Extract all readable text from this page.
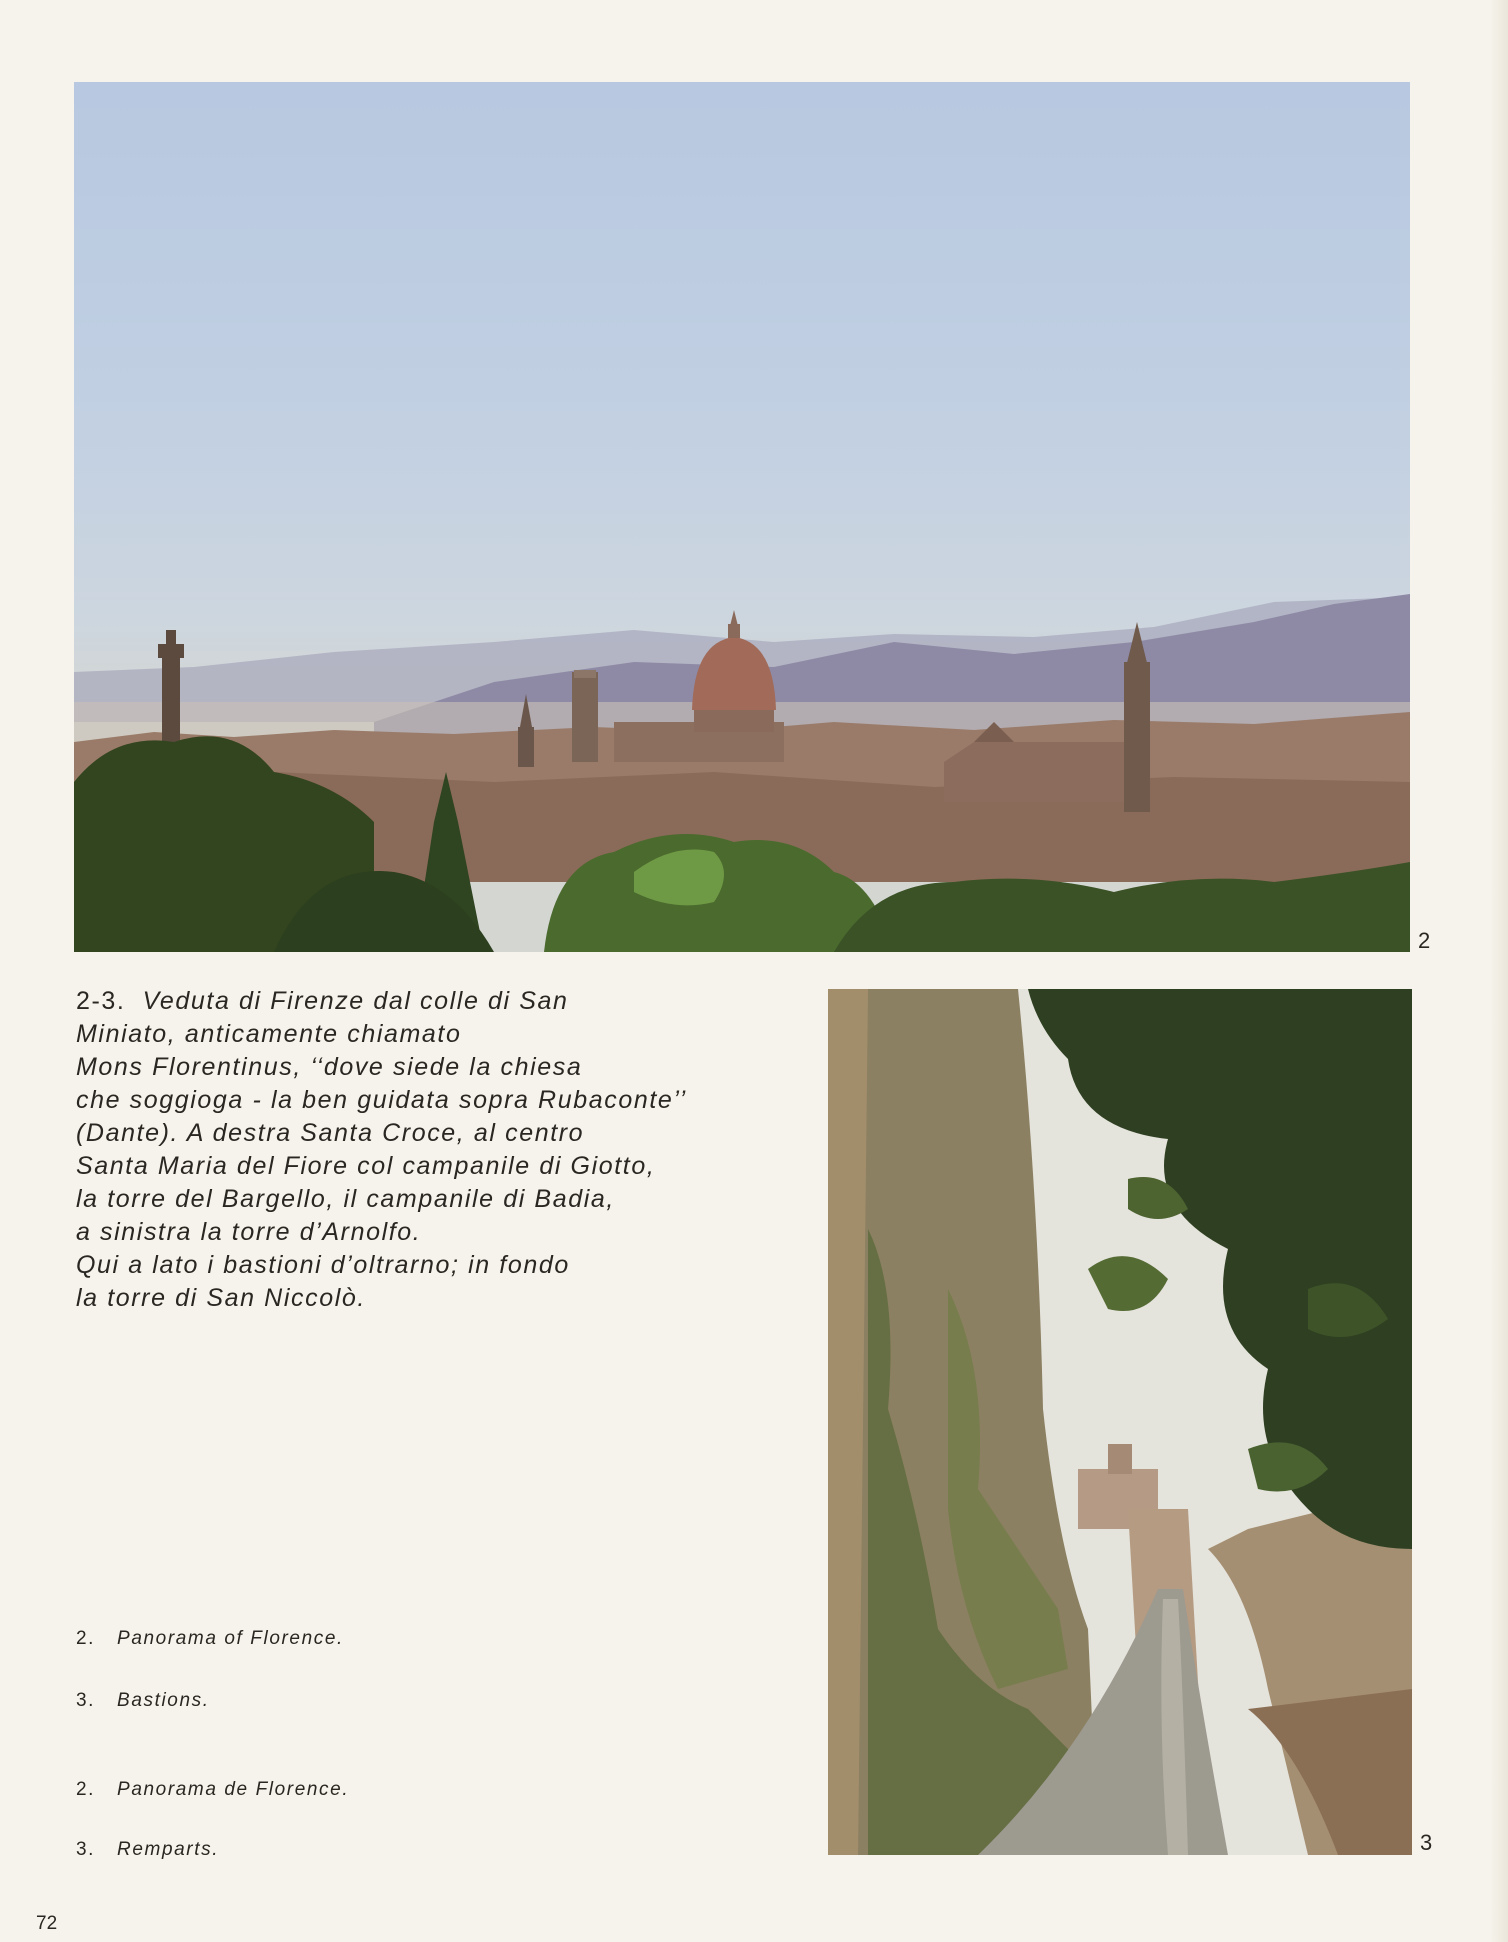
2
2-3. Veduta di Firenze dal colle di San
Miniato, anticamente chiamato
Mons Florentinus, ‘‘dove siede la chiesa
che soggioga - la ben guidata sopra Rubaconte’’
(Dante). A destra Santa Croce, al centro
Santa Maria del Fiore col campanile di Giotto,
la torre del Bargello, il campanile di Badia,
a sinistra la torre d’Arnolfo.
Qui a lato i bastioni d’oltrarno; in fondo
la torre di San Niccolò.
2. Panorama of Florence.
3. Bastions.
2. Panorama de Florence.
3. Remparts.	3
72
